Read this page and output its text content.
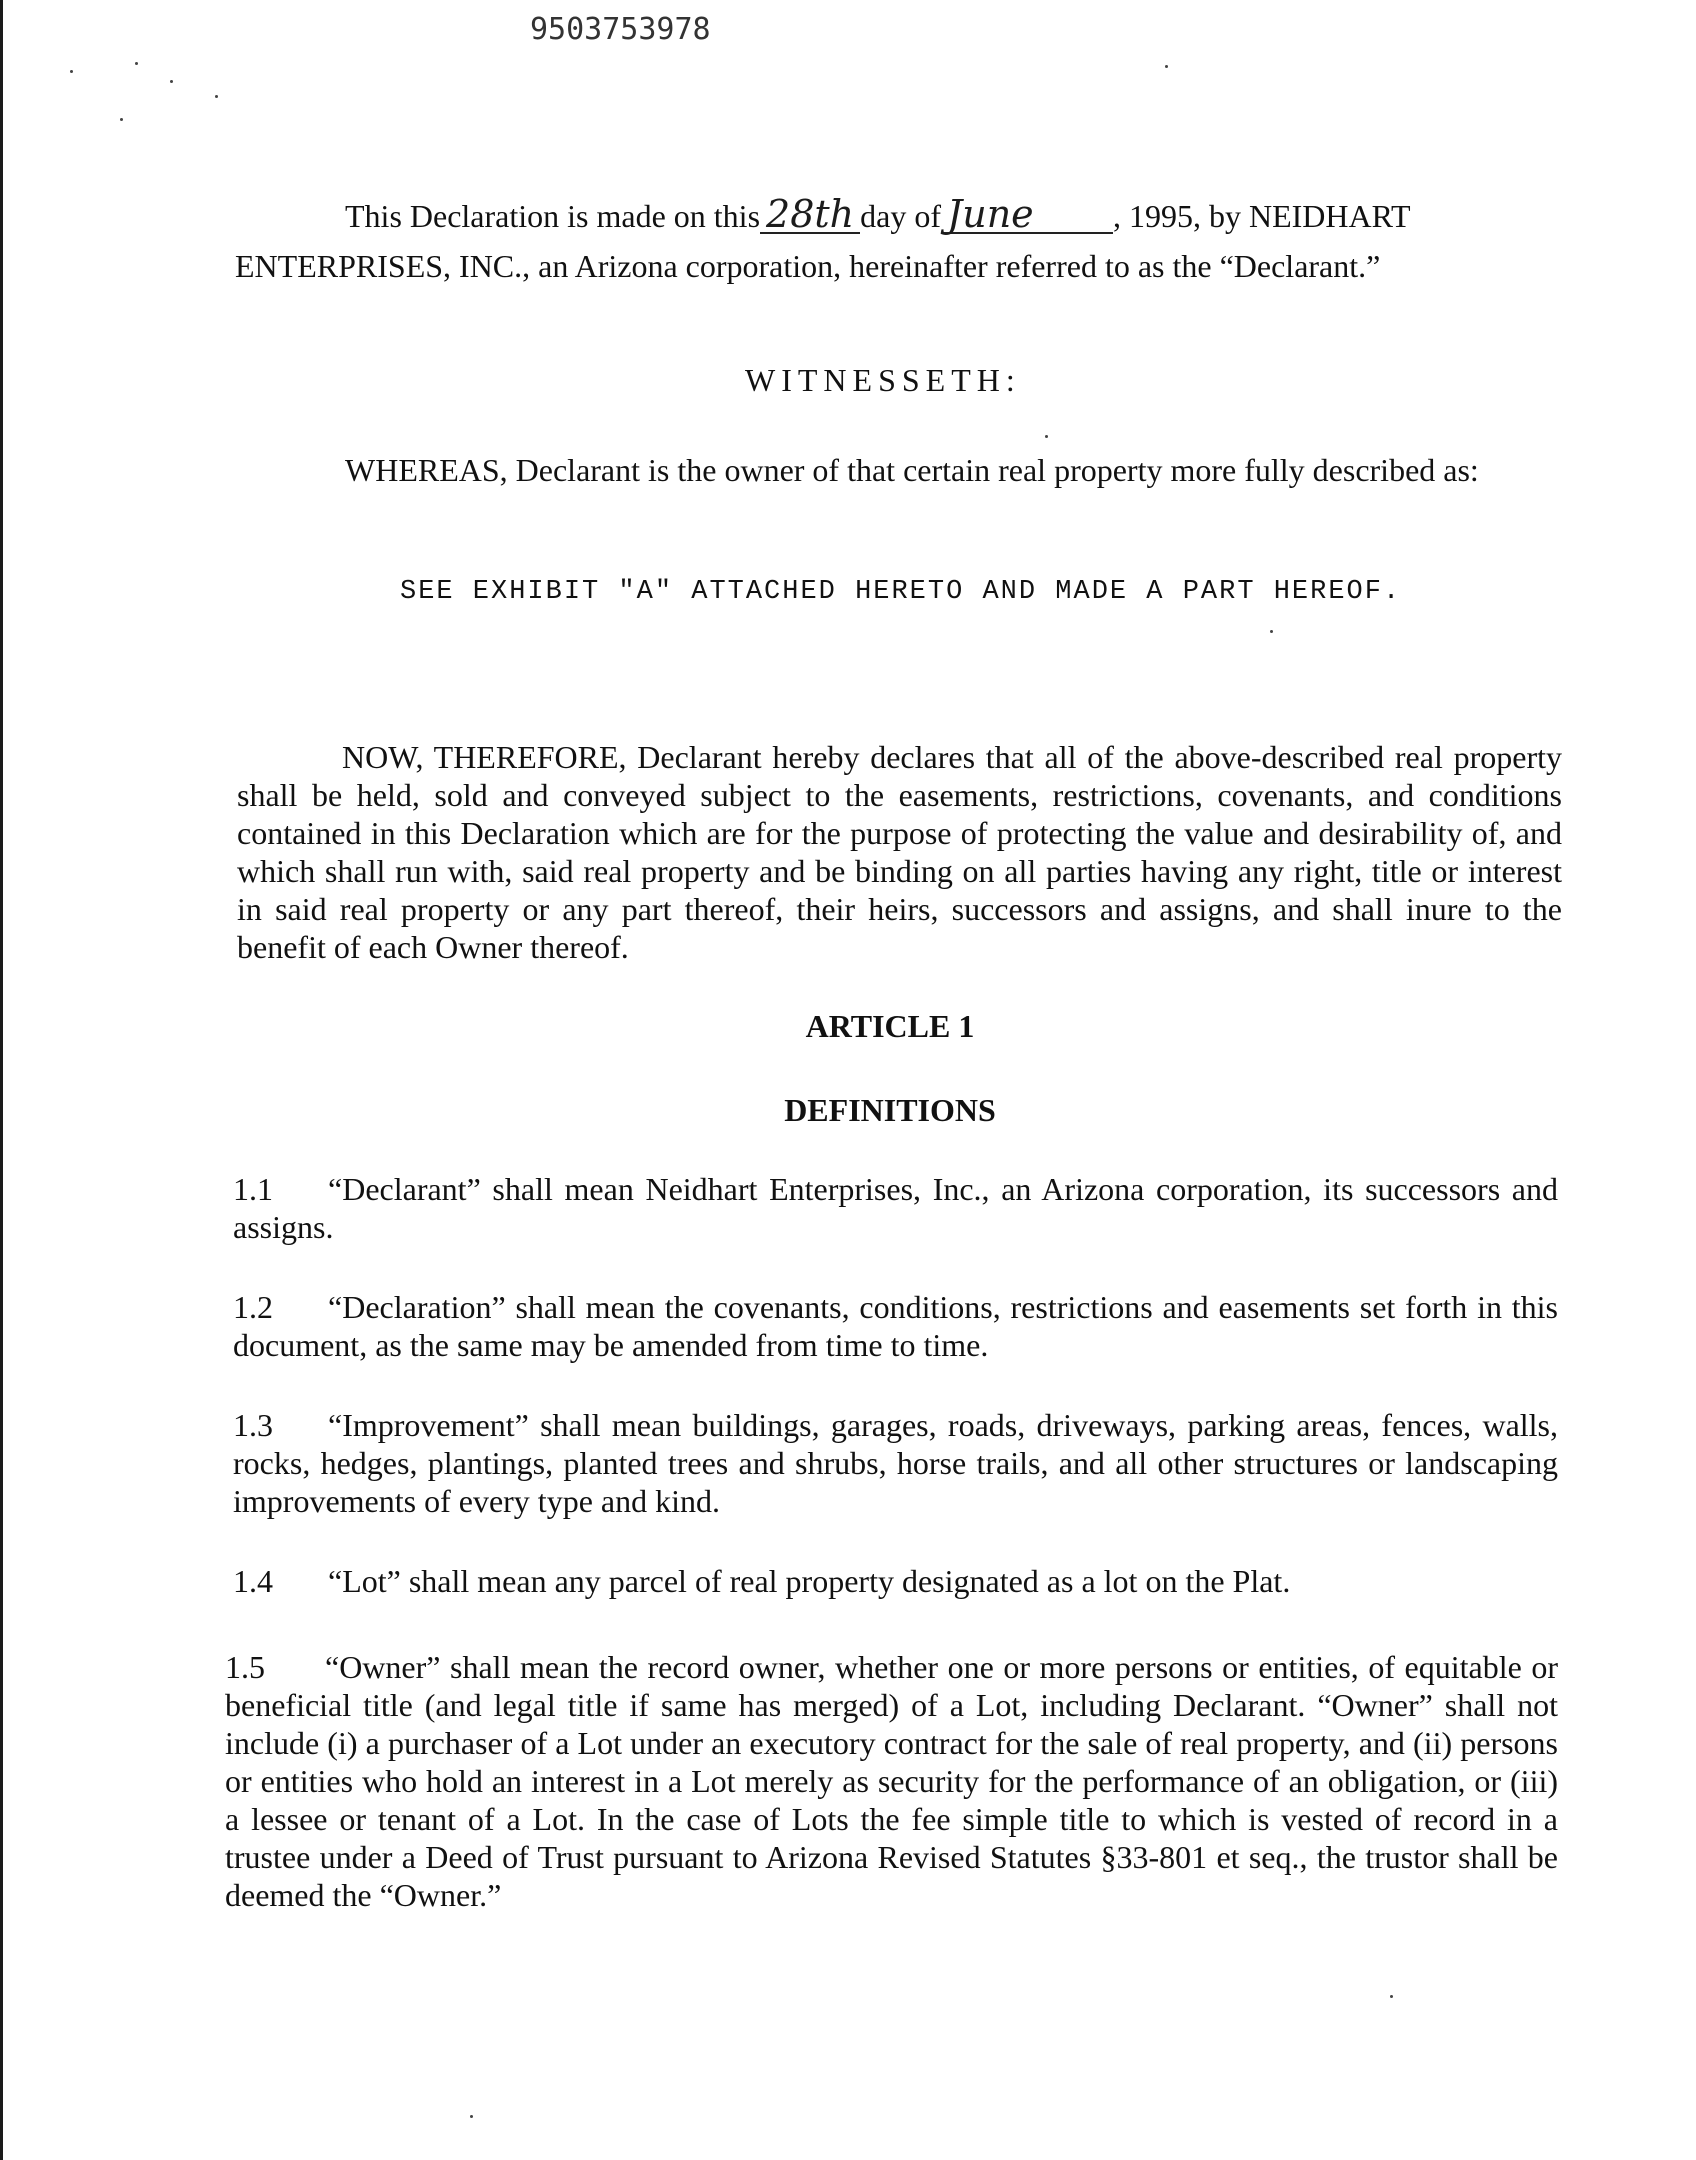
9503753978
This Declaration is made on this 28th day of June , 1995, by NEIDHART
ENTERPRISES, INC., an Arizona corporation, hereinafter referred to as the “Declarant.”
WITNESSETH:
WHEREAS, Declarant is the owner of that certain real property more fully described as:
SEE EXHIBIT "A" ATTACHED HERETO AND MADE A PART HEREOF.
NOW, THEREFORE, Declarant hereby declares that all of the above-described real property shall be held, sold and conveyed subject to the easements, restrictions, covenants, and conditions contained in this Declaration which are for the purpose of protecting the value and desirability of, and which shall run with, said real property and be binding on all parties having any right, title or interest in said real property or any part thereof, their heirs, successors and assigns, and shall inure to the benefit of each Owner thereof.
ARTICLE 1
DEFINITIONS
1.1 “Declarant” shall mean Neidhart Enterprises, Inc., an Arizona corporation, its successors and assigns.
1.2 “Declaration” shall mean the covenants, conditions, restrictions and easements set forth in this document, as the same may be amended from time to time.
1.3 “Improvement” shall mean buildings, garages, roads, driveways, parking areas, fences, walls, rocks, hedges, plantings, planted trees and shrubs, horse trails, and all other structures or landscaping improvements of every type and kind.
1.4 “Lot” shall mean any parcel of real property designated as a lot on the Plat.
1.5 “Owner” shall mean the record owner, whether one or more persons or entities, of equitable or beneficial title (and legal title if same has merged) of a Lot, including Declarant. “Owner” shall not include (i) a purchaser of a Lot under an executory contract for the sale of real property, and (ii) persons or entities who hold an interest in a Lot merely as security for the performance of an obligation, or (iii) a lessee or tenant of a Lot. In the case of Lots the fee simple title to which is vested of record in a trustee under a Deed of Trust pursuant to Arizona Revised Statutes §33-801 et seq., the trustor shall be deemed the “Owner.”
